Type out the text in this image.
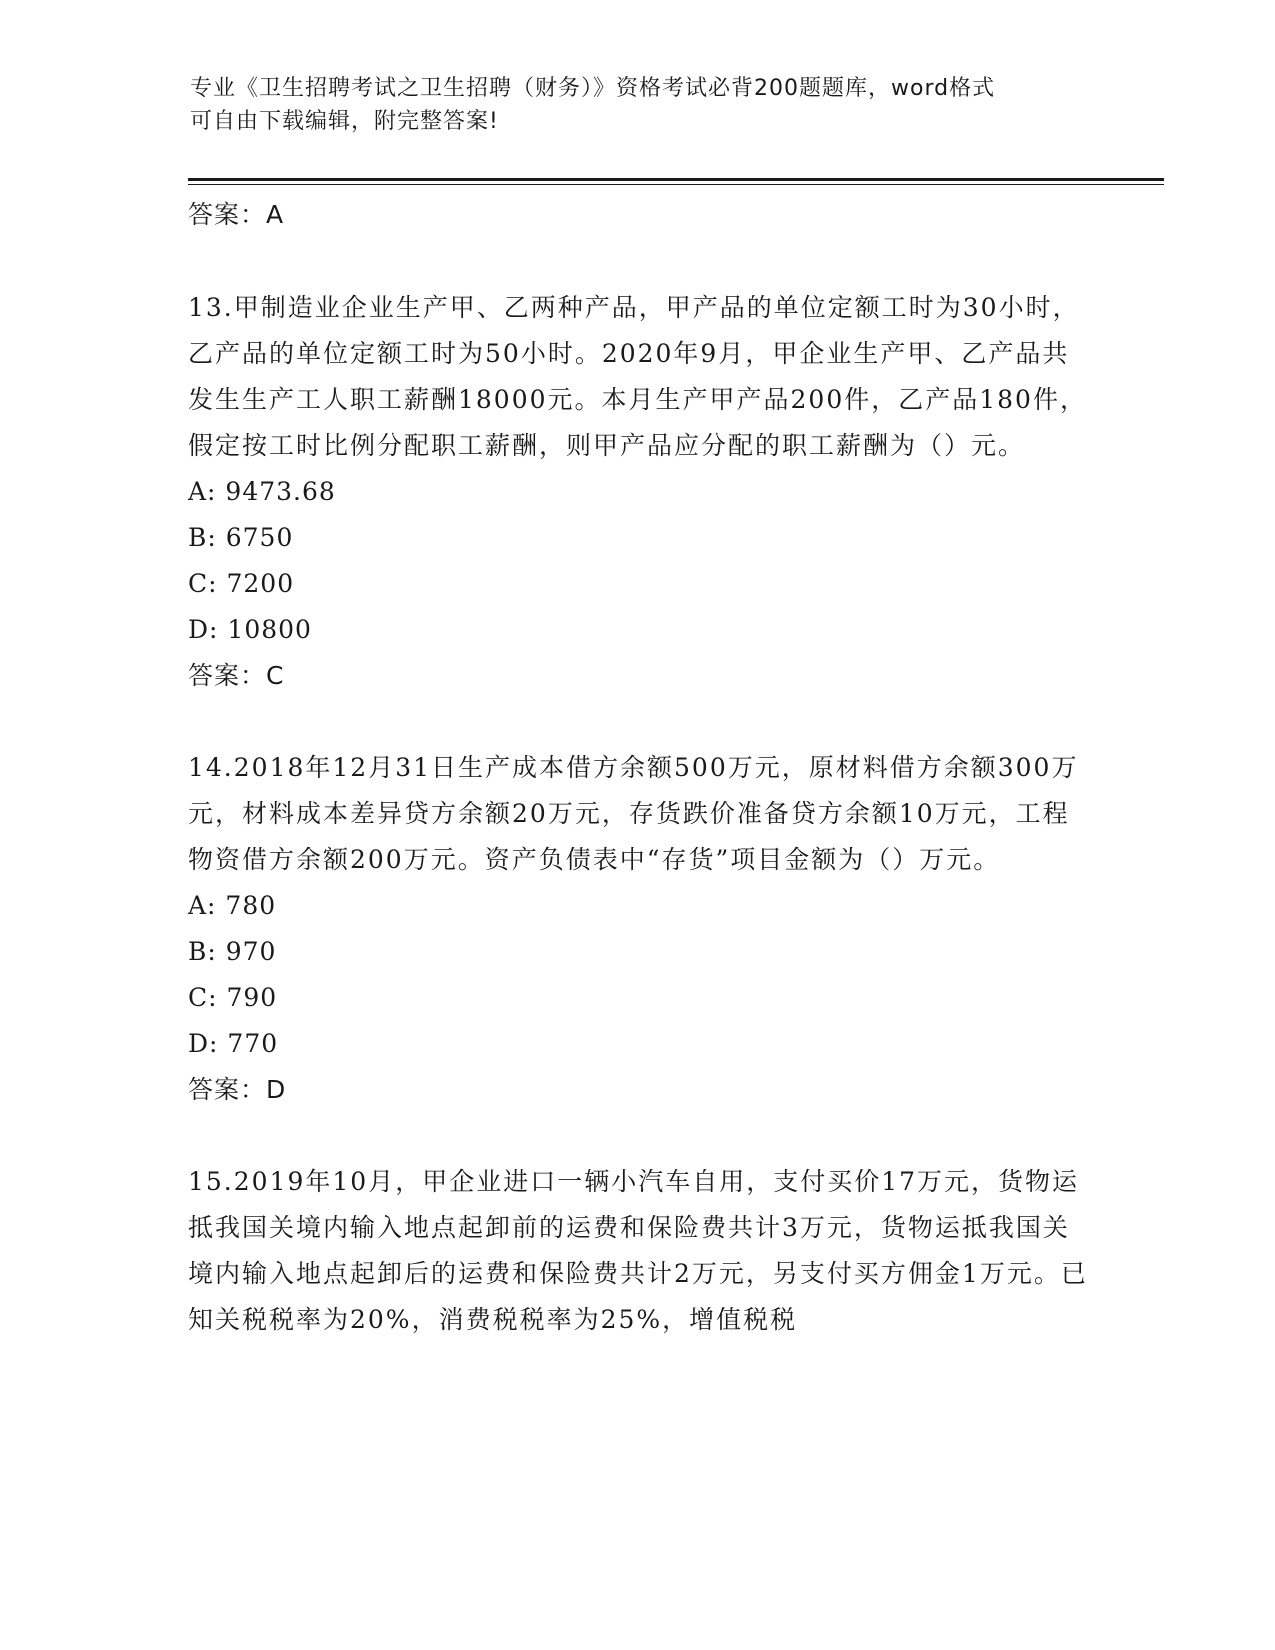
专业《卫生招聘考试之卫生招聘（财务）》资格考试必背200题题库，word格式
可自由下载编辑，附完整答案!
答案：A

13.甲制造业企业生产甲、乙两种产品，甲产品的单位定额工时为30小时，乙产品的单位定额工时为50小时。2020年9月，甲企业生产甲、乙产品共发生生产工人职工薪酬18000元。本月生产甲产品200件，乙产品180件，假定按工时比例分配职工薪酬，则甲产品应分配的职工薪酬为（）元。

A: 9473.68
B: 6750
C: 7200
D: 10800
答案：C

14.2018年12月31日生产成本借方余额500万元，原材料借方余额300万元，材料成本差异贷方余额20万元，存货跌价准备贷方余额10万元，工程物资借方余额200万元。资产负债表中“存货”项目金额为（）万元。

A: 780
B: 970
C: 790
D: 770
答案：D

15.2019年10月，甲企业进口一辆小汽车自用，支付买价17万元，货物运抵我国关境内输入地点起卸前的运费和保险费共计3万元，货物运抵我国关境内输入地点起卸后的运费和保险费共计2万元，另支付买方佣金1万元。已知关税税率为20%，消费税税率为25%，增值税税
